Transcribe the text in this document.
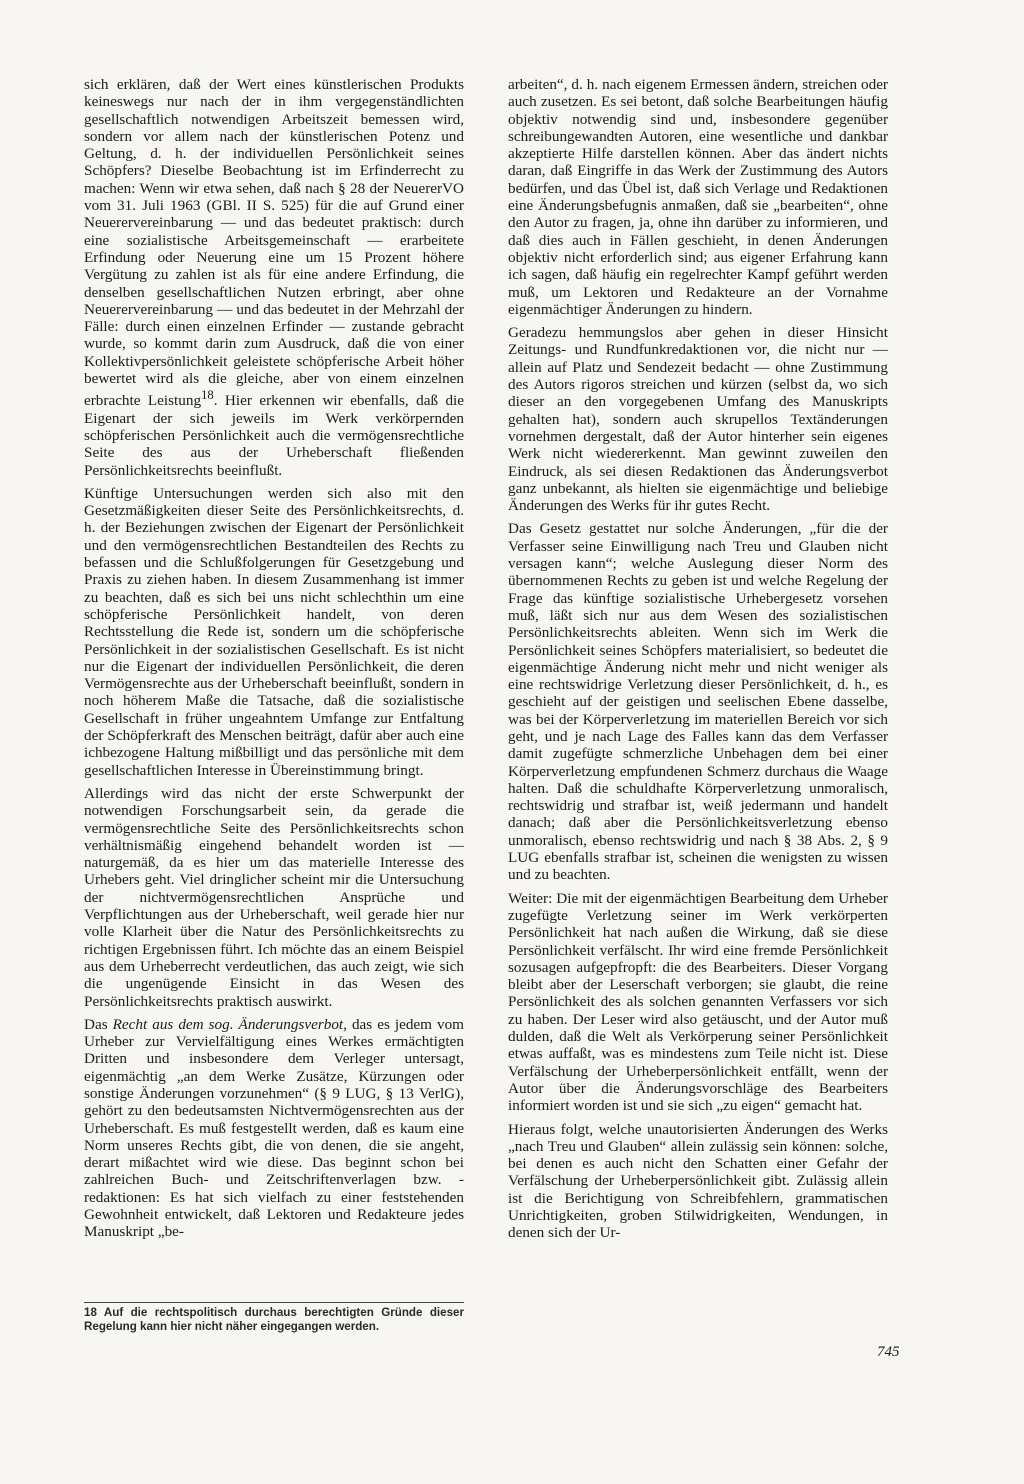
sich erklären, daß der Wert eines künstlerischen Produkts keineswegs nur nach der in ihm vergegenständlichten gesellschaftlich notwendigen Arbeitszeit bemessen wird, sondern vor allem nach der künstlerischen Potenz und Geltung, d. h. der individuellen Persönlichkeit seines Schöpfers? Dieselbe Beobachtung ist im Erfinderrecht zu machen: Wenn wir etwa sehen, daß nach § 28 der NeuererVO vom 31. Juli 1963 (GBl. II S. 525) für die auf Grund einer Neuerervereinbarung — und das bedeutet praktisch: durch eine sozialistische Arbeitsgemeinschaft — erarbeitete Erfindung oder Neuerung eine um 15 Prozent höhere Vergütung zu zahlen ist als für eine andere Erfindung, die denselben gesellschaftlichen Nutzen erbringt, aber ohne Neuerervereinbarung — und das bedeutet in der Mehrzahl der Fälle: durch einen einzelnen Erfinder — zustande gebracht wurde, so kommt darin zum Ausdruck, daß die von einer Kollektivpersönlichkeit geleistete schöpferische Arbeit höher bewertet wird als die gleiche, aber von einem einzelnen erbrachte Leistung$^{18}$. Hier erkennen wir ebenfalls, daß die Eigenart der sich jeweils im Werk verkörpernden schöpferischen Persönlichkeit auch die vermögensrechtliche Seite des aus der Urheberschaft fließenden Persönlichkeitsrechts beeinflußt.

Künftige Untersuchungen werden sich also mit den Gesetzmäßigkeiten dieser Seite des Persönlichkeitsrechts, d. h. der Beziehungen zwischen der Eigenart der Persönlichkeit und den vermögensrechtlichen Bestandteilen des Rechts zu befassen und die Schlußfolgerungen für Gesetzgebung und Praxis zu ziehen haben. In diesem Zusammenhang ist immer zu beachten, daß es sich bei uns nicht schlechthin um eine schöpferische Persönlichkeit handelt, von deren Rechtsstellung die Rede ist, sondern um die schöpferische Persönlichkeit in der sozialistischen Gesellschaft. Es ist nicht nur die Eigenart der individuellen Persönlichkeit, die deren Vermögensrechte aus der Urheberschaft beeinflußt, sondern in noch höherem Maße die Tatsache, daß die sozialistische Gesellschaft in früher ungeahntem Umfange zur Entfaltung der Schöpferkraft des Menschen beiträgt, dafür aber auch eine ichbezogene Haltung mißbilligt und das persönliche mit dem gesellschaftlichen Interesse in Übereinstimmung bringt.

Allerdings wird das nicht der erste Schwerpunkt der notwendigen Forschungsarbeit sein, da gerade die vermögensrechtliche Seite des Persönlichkeitsrechts schon verhältnismäßig eingehend behandelt worden ist — naturgemäß, da es hier um das materielle Interesse des Urhebers geht. Viel dringlicher scheint mir die Untersuchung der nichtvermögensrechtlichen Ansprüche und Verpflichtungen aus der Urheberschaft, weil gerade hier nur volle Klarheit über die Natur des Persönlichkeitsrechts zu richtigen Ergebnissen führt. Ich möchte das an einem Beispiel aus dem Urheberrecht verdeutlichen, das auch zeigt, wie sich die ungenügende Einsicht in das Wesen des Persönlichkeitsrechts praktisch auswirkt.

Das Recht aus dem sog. Änderungsverbot, das es jedem vom Urheber zur Vervielfältigung eines Werkes ermächtigten Dritten und insbesondere dem Verleger untersagt, eigenmächtig „an dem Werke Zusätze, Kürzungen oder sonstige Änderungen vorzunehmen“ (§ 9 LUG, § 13 VerlG), gehört zu den bedeutsamsten Nichtvermögensrechten aus der Urheberschaft. Es muß festgestellt werden, daß es kaum eine Norm unseres Rechts gibt, die von denen, die sie angeht, derart mißachtet wird wie diese. Das beginnt schon bei zahlreichen Buch- und Zeitschriftenverlagen bzw. -redaktionen: Es hat sich vielfach zu einer feststehenden Gewohnheit entwickelt, daß Lektoren und Redakteure jedes Manuskript „be-

18 Auf die rechtspolitisch durchaus berechtigten Gründe dieser Regelung kann hier nicht näher eingegangen werden.

arbeiten“, d. h. nach eigenem Ermessen ändern, streichen oder auch zusetzen. Es sei betont, daß solche Bearbeitungen häufig objektiv notwendig sind und, insbesondere gegenüber schreibungewandten Autoren, eine wesentliche und dankbar akzeptierte Hilfe darstellen können. Aber das ändert nichts daran, daß Eingriffe in das Werk der Zustimmung des Autors bedürfen, und das Übel ist, daß sich Verlage und Redaktionen eine Änderungsbefugnis anmaßen, daß sie „bearbeiten“, ohne den Autor zu fragen, ja, ohne ihn darüber zu informieren, und daß dies auch in Fällen geschieht, in denen Änderungen objektiv nicht erforderlich sind; aus eigener Erfahrung kann ich sagen, daß häufig ein regelrechter Kampf geführt werden muß, um Lektoren und Redakteure an der Vornahme eigenmächtiger Änderungen zu hindern.

Geradezu hemmungslos aber gehen in dieser Hinsicht Zeitungs- und Rundfunkredaktionen vor, die nicht nur — allein auf Platz und Sendezeit bedacht — ohne Zustimmung des Autors rigoros streichen und kürzen (selbst da, wo sich dieser an den vorgegebenen Umfang des Manuskripts gehalten hat), sondern auch skrupellos Textänderungen vornehmen dergestalt, daß der Autor hinterher sein eigenes Werk nicht wiedererkennt. Man gewinnt zuweilen den Eindruck, als sei diesen Redaktionen das Änderungsverbot ganz unbekannt, als hielten sie eigenmächtige und beliebige Änderungen des Werks für ihr gutes Recht.

Das Gesetz gestattet nur solche Änderungen, „für die der Verfasser seine Einwilligung nach Treu und Glauben nicht versagen kann“; welche Auslegung dieser Norm des übernommenen Rechts zu geben ist und welche Regelung der Frage das künftige sozialistische Urhebergesetz vorsehen muß, läßt sich nur aus dem Wesen des sozialistischen Persönlichkeitsrechts ableiten. Wenn sich im Werk die Persönlichkeit seines Schöpfers materialisiert, so bedeutet die eigenmächtige Änderung nicht mehr und nicht weniger als eine rechtswidrige Verletzung dieser Persönlichkeit, d. h., es geschieht auf der geistigen und seelischen Ebene dasselbe, was bei der Körperverletzung im materiellen Bereich vor sich geht, und je nach Lage des Falles kann das dem Verfasser damit zugefügte schmerzliche Unbehagen dem bei einer Körperverletzung empfundenen Schmerz durchaus die Waage halten. Daß die schuldhafte Körperverletzung unmoralisch, rechtswidrig und strafbar ist, weiß jedermann und handelt danach; daß aber die Persönlichkeitsverletzung ebenso unmoralisch, ebenso rechtswidrig und nach § 38 Abs. 2, § 9 LUG ebenfalls strafbar ist, scheinen die wenigsten zu wissen und zu beachten.

Weiter: Die mit der eigenmächtigen Bearbeitung dem Urheber zugefügte Verletzung seiner im Werk verkörperten Persönlichkeit hat nach außen die Wirkung, daß sie diese Persönlichkeit verfälscht. Ihr wird eine fremde Persönlichkeit sozusagen aufgepfropft: die des Bearbeiters. Dieser Vorgang bleibt aber der Leserschaft verborgen; sie glaubt, die reine Persönlichkeit des als solchen genannten Verfassers vor sich zu haben. Der Leser wird also getäuscht, und der Autor muß dulden, daß die Welt als Verkörperung seiner Persönlichkeit etwas auffaßt, was es mindestens zum Teile nicht ist. Diese Verfälschung der Urheberpersönlichkeit entfällt, wenn der Autor über die Änderungsvorschläge des Bearbeiters informiert worden ist und sie sich „zu eigen“ gemacht hat.

Hieraus folgt, welche unautorisierten Änderungen des Werks „nach Treu und Glauben“ allein zulässig sein können: solche, bei denen es auch nicht den Schatten einer Gefahr der Verfälschung der Urheberpersönlichkeit gibt. Zulässig allein ist die Berichtigung von Schreibfehlern, grammatischen Unrichtigkeiten, groben Stilwidrigkeiten, Wendungen, in denen sich der Ur-

745
